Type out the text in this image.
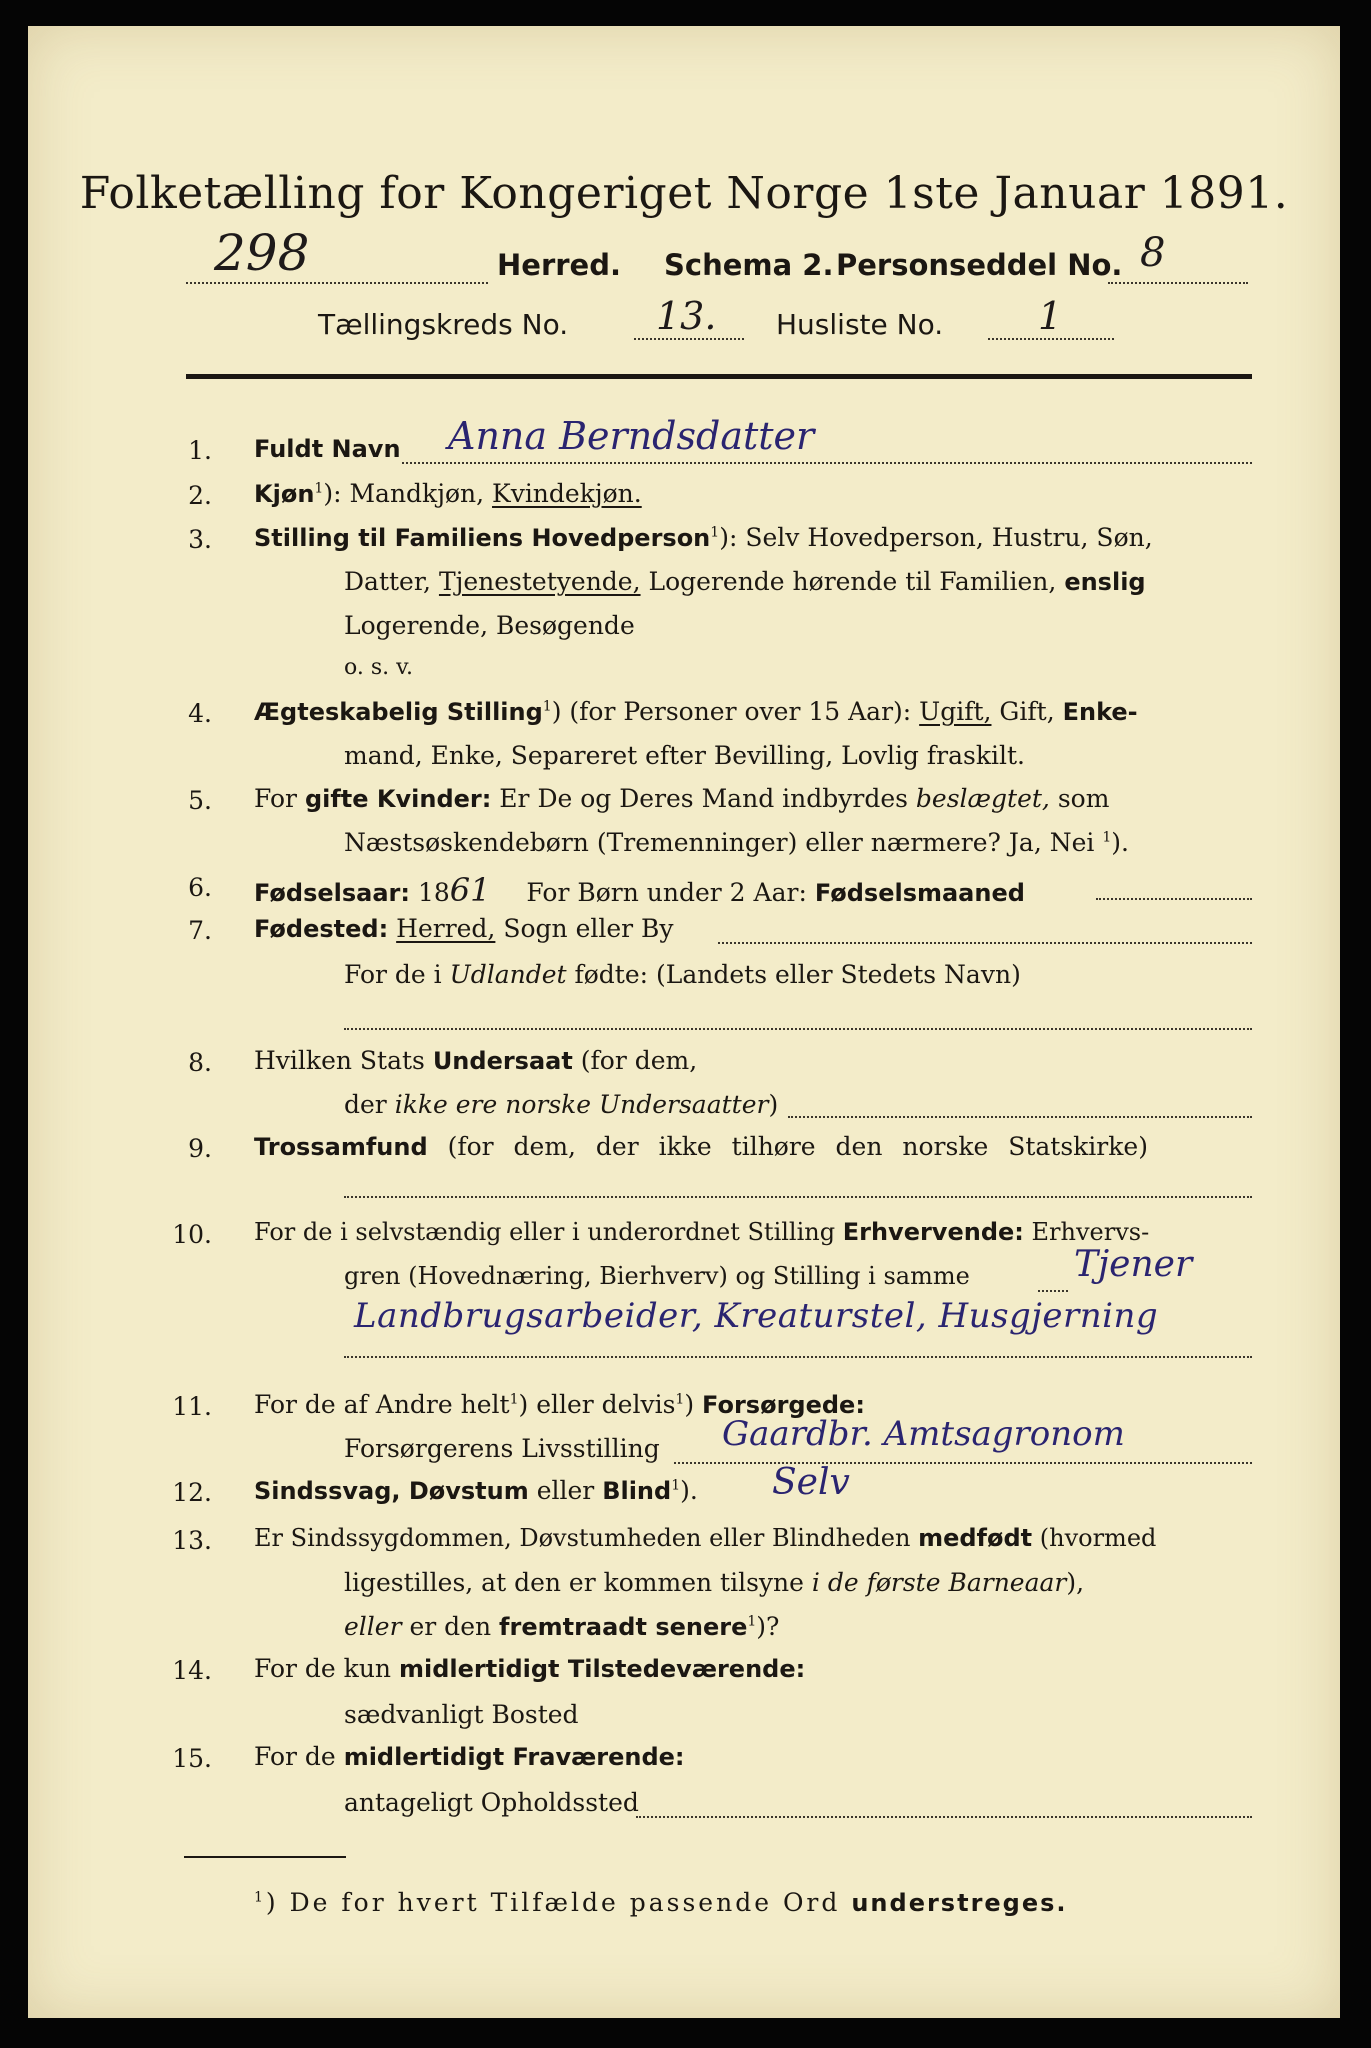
Folketælling for Kongeriget Norge 1ste Januar 1891.
298	Herred. Schema 2. Personseddel No. 8
Tællingskreds No. 13. Husliste No. 1
1. Fuldt Navn Anna Berndsdatter
2. Kjøn$^1$): Mandkjøn, Kvindekjøn.
3. Stilling til Familiens Hovedperson$^1$): Selv Hovedperson, Hustru, Søn,
Datter, Tjenestetyende, Logerende hørende til Familien, enslig
Logerende, Besøgende
o. s. v.
4. Ægteskabelig Stilling$^1$) (for Personer over 15 Aar): Ugift, Gift, Enke-
mand, Enke, Separeret efter Bevilling, Lovlig fraskilt.
5. For gifte Kvinder: Er De og Deres Mand indbyrdes beslægtet, som
Næstsøskendebørn (Tremenninger) eller nærmere? Ja, Nei $^1$).
6. Fødselsaar: 1861 For Børn under 2 Aar: Fødselsmaaned
7. Fødested: Herred, Sogn eller By
For de i Udlandet fødte: (Landets eller Stedets Navn)
8. Hvilken Stats Undersaat (for dem,
der ikke ere norske Undersaatter)
9. Trossamfund (for dem, der ikke tilhøre den norske Statskirke)
10. For de i selvstændig eller i underordnet Stilling Erhvervende: Erhvervs-
gren (Hovednæring, Bierhverv) og Stilling i samme	Tjener
Landbrugsarbeider, Kreaturstel, Husgjerning
11. For de af Andre helt$^1$) eller delvis$^1$) Forsørgede:
Forsørgerens Livsstilling Gaardbr. Amtsagronom
12. Sindssvag, Døvstum eller Blind$^1$). Selv
13. Er Sindssygdommen, Døvstumheden eller Blindheden medfødt (hvormed
ligestilles, at den er kommen tilsyne i de første Barneaar),
eller er den fremtraadt senere$^1$)?
14. For de kun midlertidigt Tilstedeværende:
sædvanligt Bosted
15. For de midlertidigt Fraværende:
antageligt Opholdssted
$^1$) De for hvert Tilfælde passende Ord understreges.
